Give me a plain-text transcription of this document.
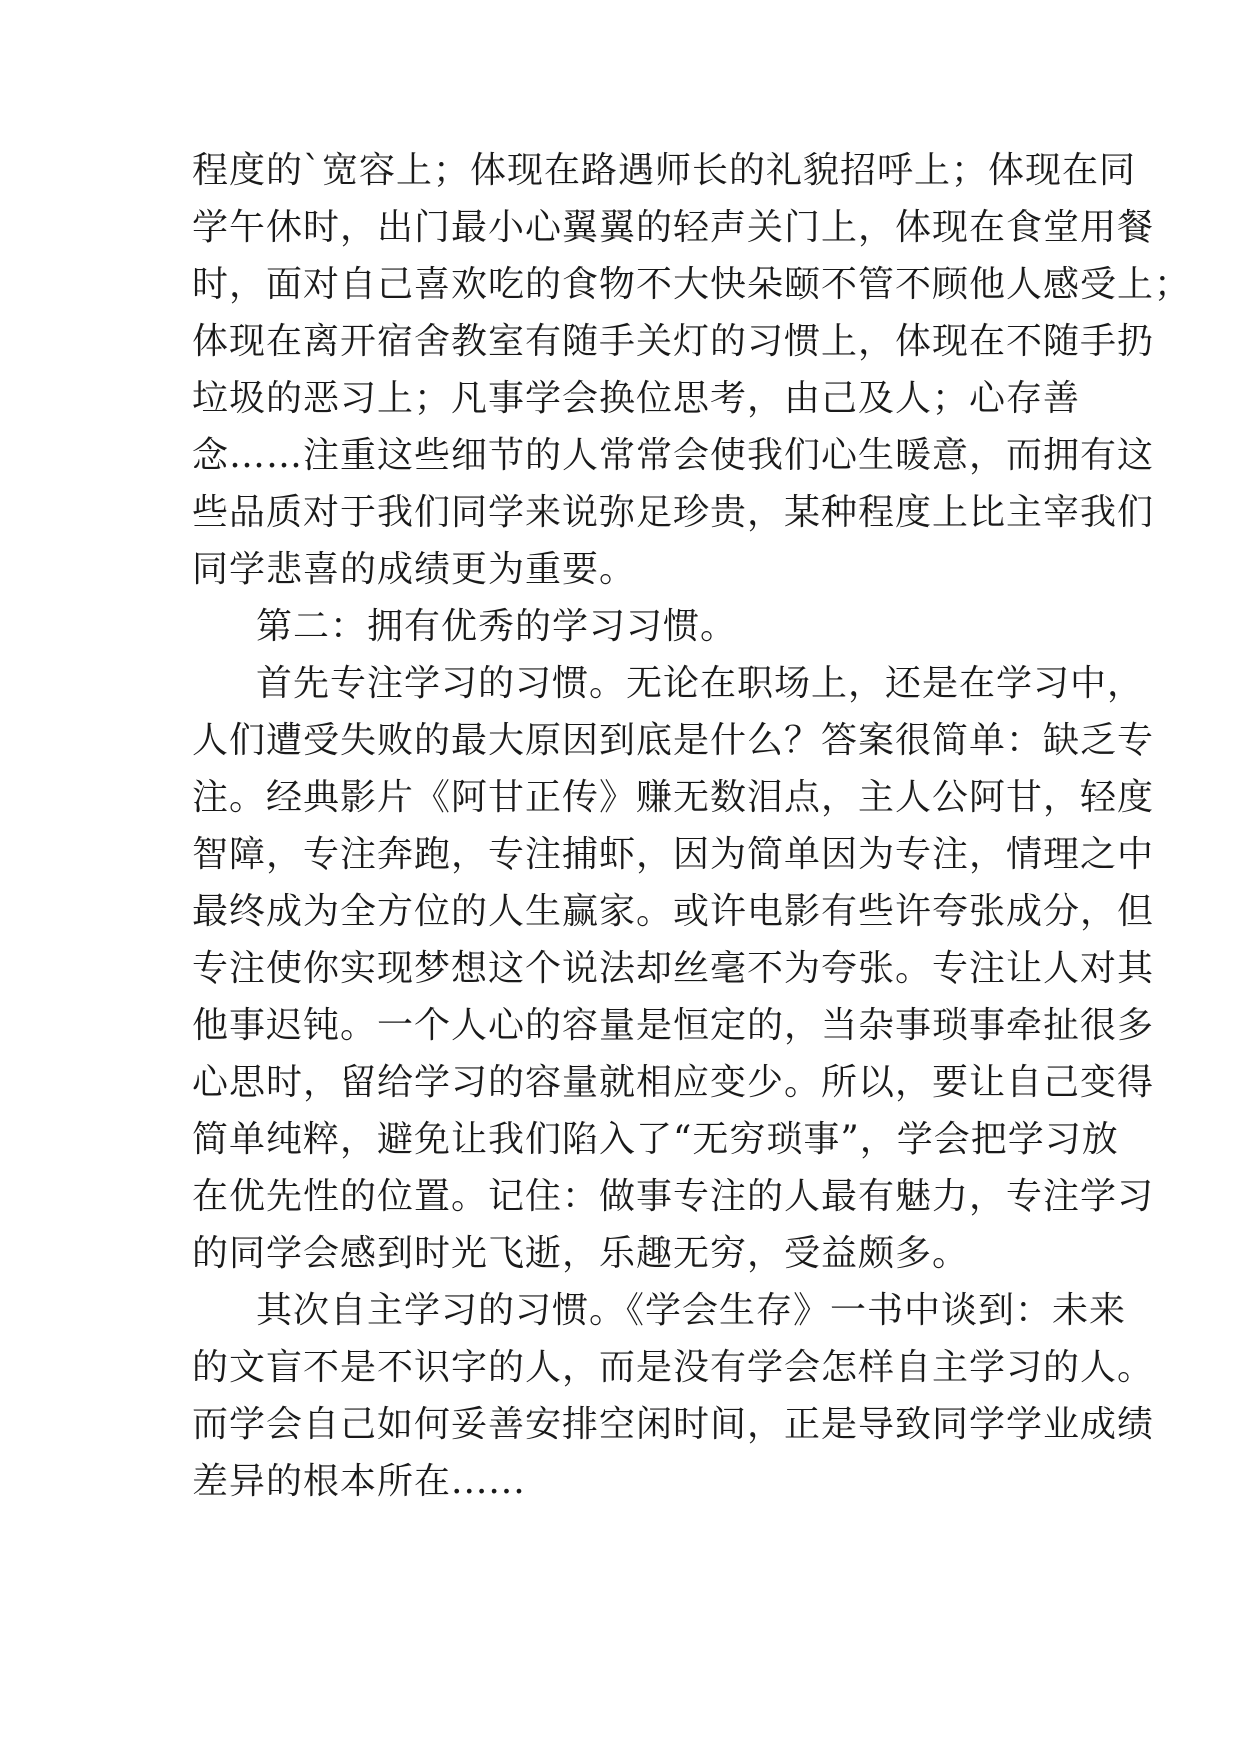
程度的`宽容上；体现在路遇师长的礼貌招呼上；体现在同
学午休时，出门最小心翼翼的轻声关门上，体现在食堂用餐
时，面对自己喜欢吃的食物不大快朵颐不管不顾他人感受上；
体现在离开宿舍教室有随手关灯的习惯上，体现在不随手扔
垃圾的恶习上；凡事学会换位思考，由己及人；心存善
念……注重这些细节的人常常会使我们心生暖意，而拥有这
些品质对于我们同学来说弥足珍贵，某种程度上比主宰我们
同学悲喜的成绩更为重要。
第二：拥有优秀的学习习惯。
首先专注学习的习惯。无论在职场上，还是在学习中，
人们遭受失败的最大原因到底是什么？答案很简单：缺乏专
注。经典影片《阿甘正传》赚无数泪点，主人公阿甘，轻度
智障，专注奔跑，专注捕虾，因为简单因为专注，情理之中
最终成为全方位的人生赢家。或许电影有些许夸张成分，但
专注使你实现梦想这个说法却丝毫不为夸张。专注让人对其
他事迟钝。一个人心的容量是恒定的，当杂事琐事牵扯很多
心思时，留给学习的容量就相应变少。所以，要让自己变得
简单纯粹，避免让我们陷入了“无穷琐事”，学会把学习放
在优先性的位置。记住：做事专注的人最有魅力，专注学习
的同学会感到时光飞逝，乐趣无穷，受益颇多。
其次自主学习的习惯。《学会生存》一书中谈到：未来
的文盲不是不识字的人，而是没有学会怎样自主学习的人。
而学会自己如何妥善安排空闲时间，正是导致同学学业成绩
差异的根本所在......
